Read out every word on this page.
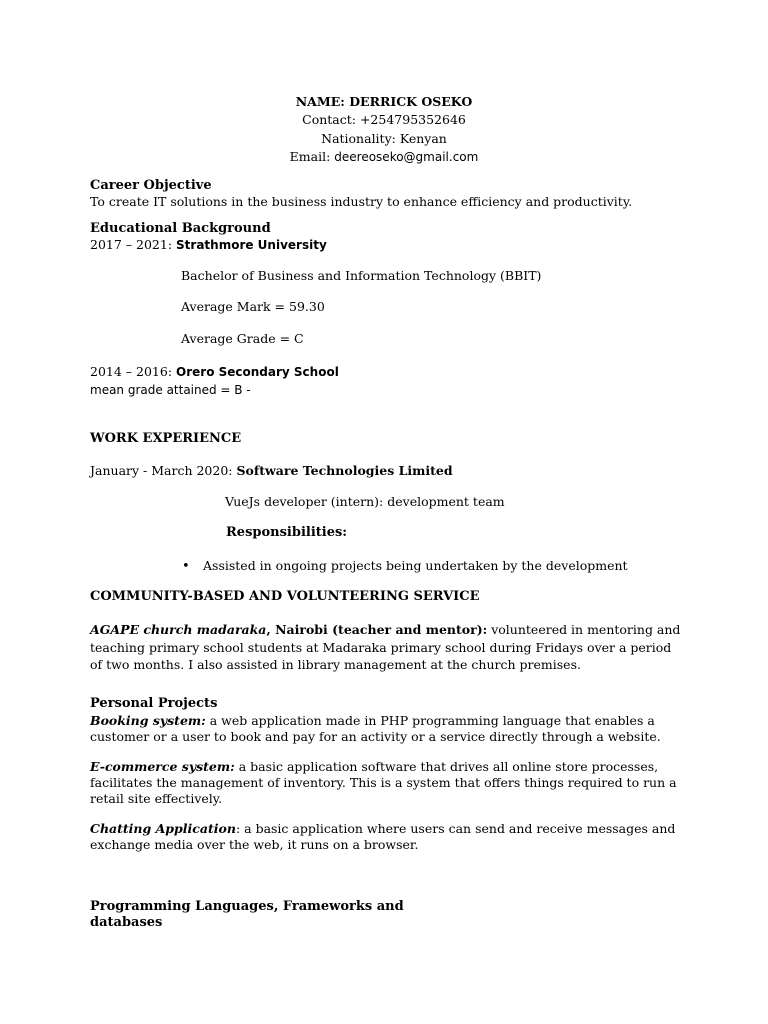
NAME: DERRICK OSEKO
Contact: +254795352646
Nationality: Kenyan
Email: deereoseko@gmail.com
Career Objective
To create IT solutions in the business industry to enhance efficiency and productivity.
Educational Background
2017 – 2021: Strathmore University
Bachelor of Business and Information Technology (BBIT)
Average Mark = 59.30
Average Grade = C
2014 – 2016: Orero Secondary School
mean grade attained = B -
WORK EXPERIENCE
January - March 2020: Software Technologies Limited
VueJs developer (intern): development team
Responsibilities:
• Assisted in ongoing projects being undertaken by the development
COMMUNITY-BASED AND VOLUNTEERING SERVICE
AGAPE church madaraka, Nairobi (teacher and mentor): volunteered in mentoring and
teaching primary school students at Madaraka primary school during Fridays over a period
of two months. I also assisted in library management at the church premises.
Personal Projects
Booking system: a web application made in PHP programming language that enables a
customer or a user to book and pay for an activity or a service directly through a website.
E-commerce system: a basic application software that drives all online store processes,
facilitates the management of inventory. This is a system that offers things required to run a
retail site effectively.
Chatting Application: a basic application where users can send and receive messages and
exchange media over the web, it runs on a browser.
Programming Languages, Frameworks and
databases
